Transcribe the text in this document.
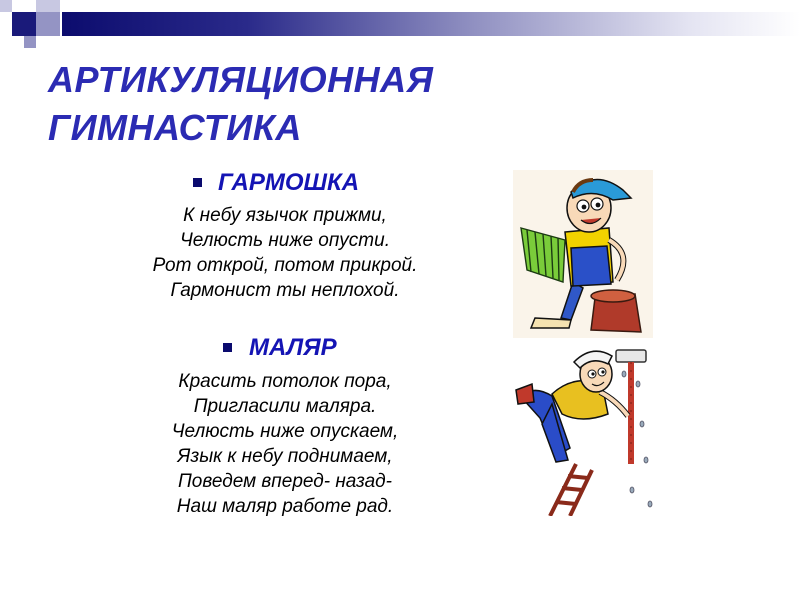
АРТИКУЛЯЦИОННАЯ
ГИМНАСТИКА
ГАРМОШКА
К небу язычок прижми,
Челюсть ниже опусти.
Рот открой, потом прикрой.
Гармонист ты неплохой.
МАЛЯР
Красить потолок пора,
Пригласили маляра.
Челюсть ниже опускаем,
Язык к небу поднимаем,
Поведем вперед- назад-
Наш маляр работе рад.
